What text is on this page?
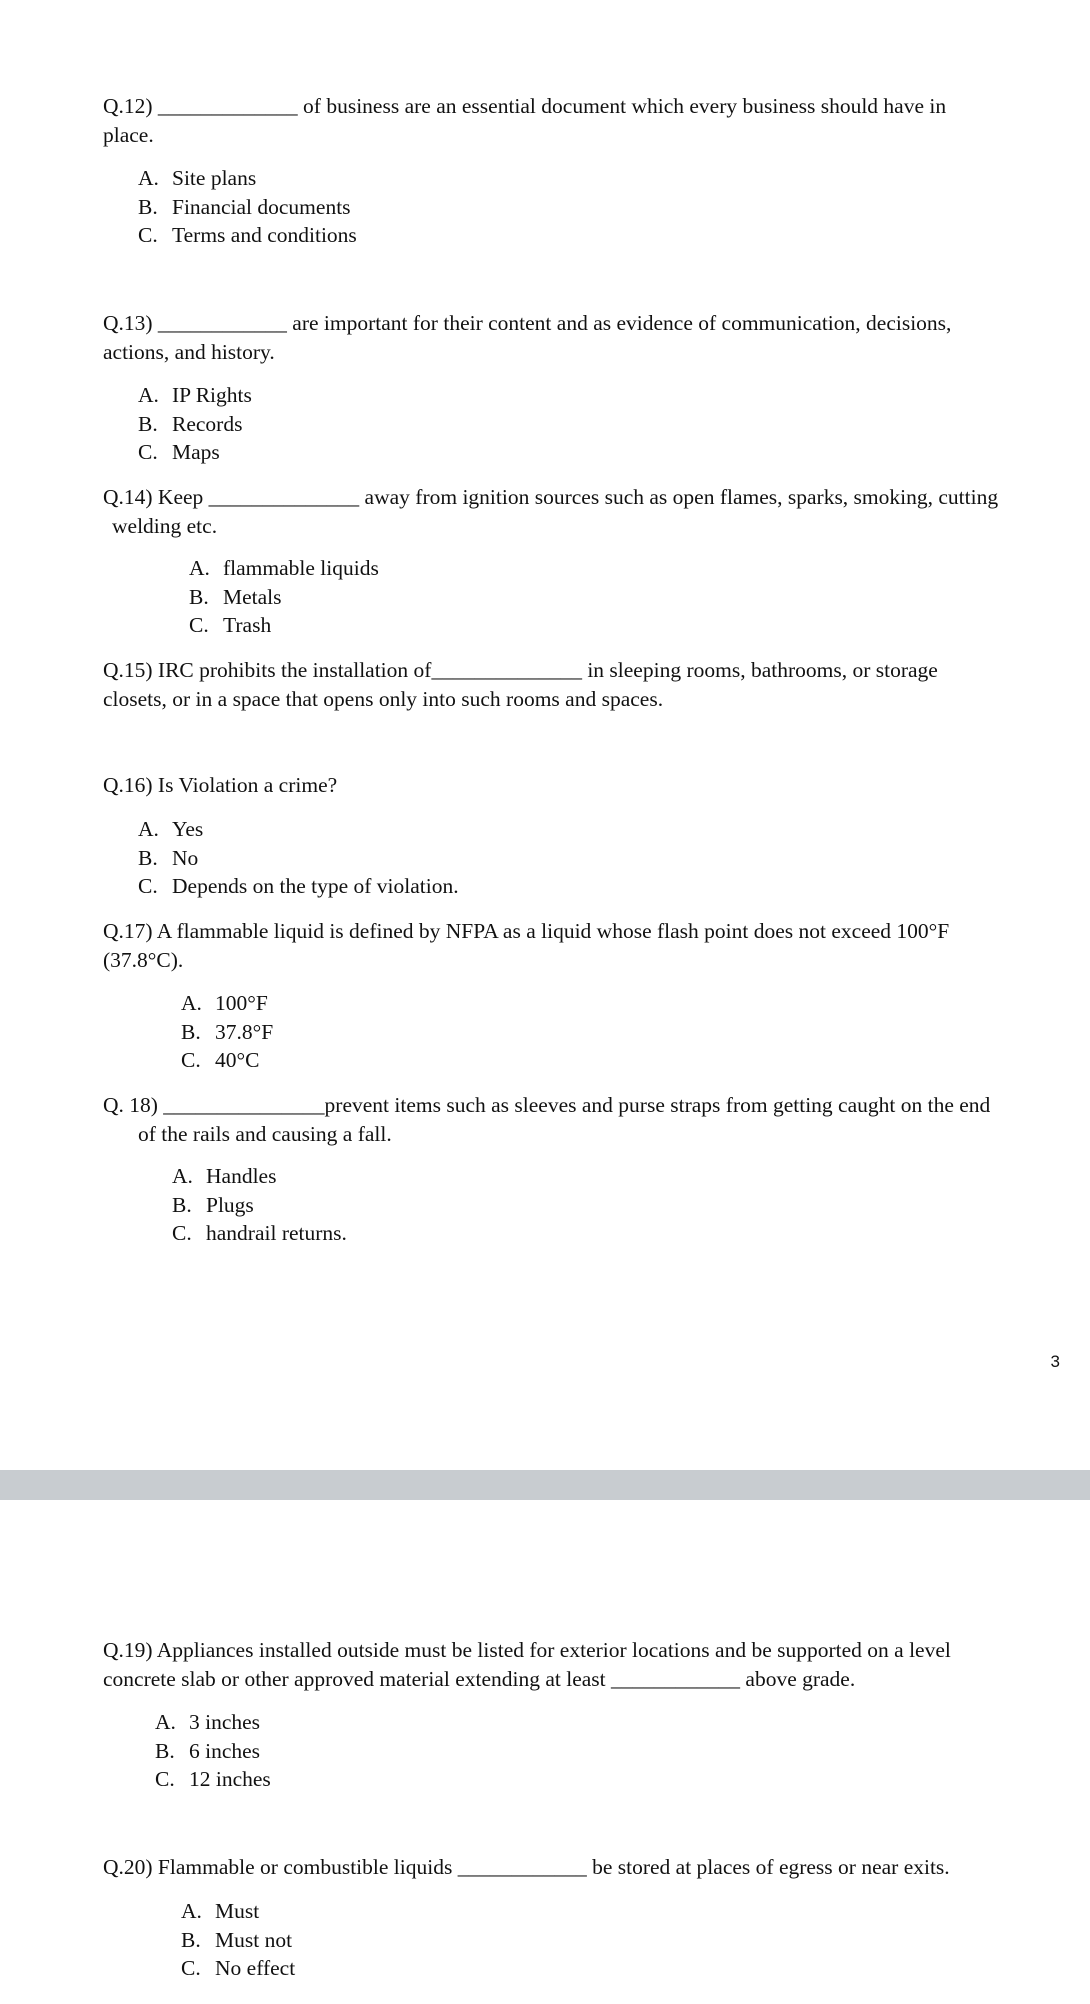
Q.12) _____________ of business are an essential document which every business should have in
place.
A. Site plans
B. Financial documents
C. Terms and conditions
Q.13) ____________ are important for their content and as evidence of communication, decisions,
actions, and history.
A. IP Rights
B. Records
C. Maps
Q.14) Keep ______________ away from ignition sources such as open flames, sparks, smoking, cutting
welding etc.
A. flammable liquids
B. Metals
C. Trash
Q.15) IRC prohibits the installation of______________ in sleeping rooms, bathrooms, or storage
closets, or in a space that opens only into such rooms and spaces.
Q.16) Is Violation a crime?
A. Yes
B. No
C. Depends on the type of violation.
Q.17) A flammable liquid is defined by NFPA as a liquid whose flash point does not exceed 100°F
(37.8°C).
A. 100°F
B. 37.8°F
C. 40°C
Q. 18) _______________prevent items such as sleeves and purse straps from getting caught on the end
of the rails and causing a fall.
A. Handles
B. Plugs
C. handrail returns.
3
Q.19) Appliances installed outside must be listed for exterior locations and be supported on a level
concrete slab or other approved material extending at least ____________ above grade.
A. 3 inches
B. 6 inches
C. 12 inches
Q.20) Flammable or combustible liquids ____________ be stored at places of egress or near exits.
A. Must
B. Must not
C. No effect
